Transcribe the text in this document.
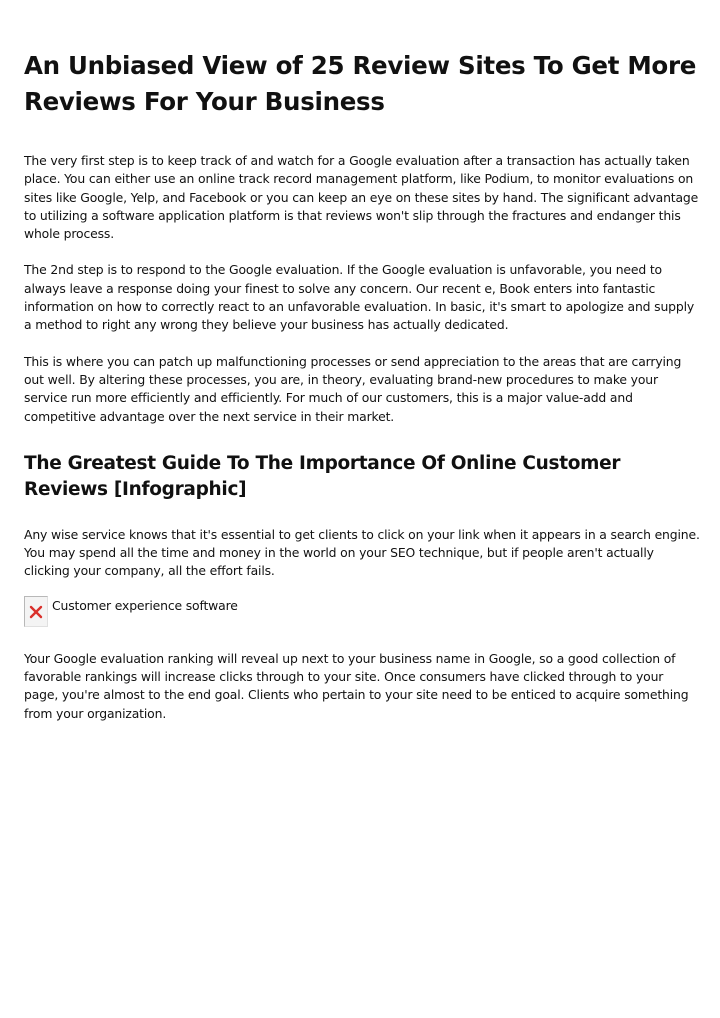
An Unbiased View of 25 Review Sites To Get More Reviews For Your Business

The very first step is to keep track of and watch for a Google evaluation after a transaction has actually taken place. You can either use an online track record management platform, like Podium, to monitor evaluations on sites like Google, Yelp, and Facebook or you can keep an eye on these sites by hand. The significant advantage to utilizing a software application platform is that reviews won't slip through the fractures and endanger this whole process.

The 2nd step is to respond to the Google evaluation. If the Google evaluation is unfavorable, you need to always leave a response doing your finest to solve any concern. Our recent e, Book enters into fantastic information on how to correctly react to an unfavorable evaluation. In basic, it's smart to apologize and supply a method to right any wrong they believe your business has actually dedicated.

This is where you can patch up malfunctioning processes or send appreciation to the areas that are carrying out well. By altering these processes, you are, in theory, evaluating brand-new procedures to make your service run more efficiently and efficiently. For much of our customers, this is a major value-add and competitive advantage over the next service in their market.

The Greatest Guide To The Importance Of Online Customer Reviews [Infographic]

Any wise service knows that it's essential to get clients to click on your link when it appears in a search engine. You may spend all the time and money in the world on your SEO technique, but if people aren't actually clicking your company, all the effort fails.

Customer experience software

Your Google evaluation ranking will reveal up next to your business name in Google, so a good collection of favorable rankings will increase clicks through to your site. Once consumers have clicked through to your page, you're almost to the end goal. Clients who pertain to your site need to be enticed to acquire something from your organization.
